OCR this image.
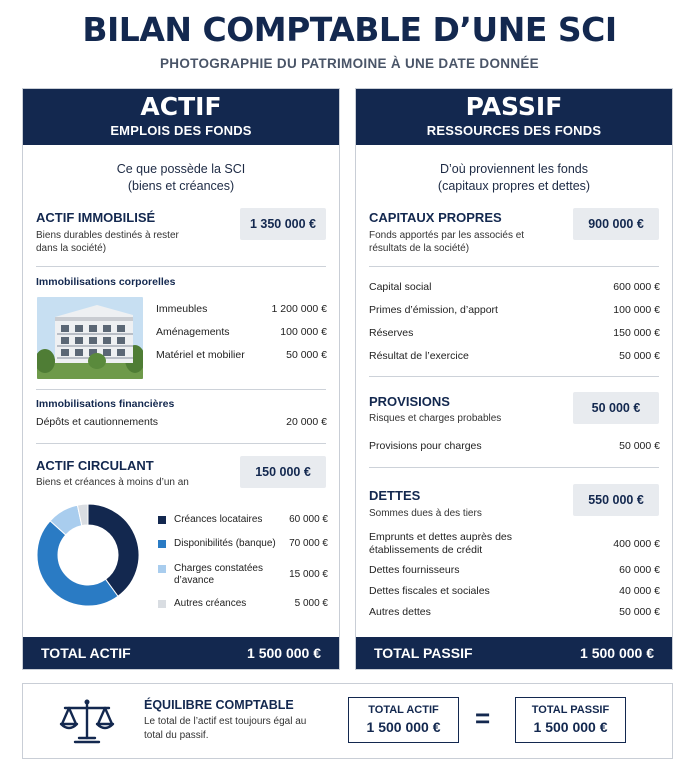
BILAN COMPTABLE D’UNE SCI
PHOTOGRAPHIE DU PATRIMOINE À UNE DATE DONNÉE
ACTIF
EMPLOIS DES FONDS
Ce que possède la SCI
(biens et créances)
ACTIF IMMOBILISÉ
Biens durables destinés à rester dans la société)
1 350 000 €
Immobilisations corporelles
Immeubles	1 200 000 €
Aménagements	100 000 €
Matériel et mobilier	50 000 €
Immobilisations financières
Dépôts et cautionnements	20 000 €
ACTIF CIRCULANT
Biens et créances à moins d’un an
150 000 €
Créances locataires	60 000 €
Disponibilités (banque) 70 000 €
Charges constatées d’avance
15 000 €
Autres créances	5 000 €
TOTAL ACTIF	1 500 000 €
PASSIF
RESSOURCES DES FONDS
D’où proviennent les fonds
(capitaux propres et dettes)
CAPITAUX PROPRES
Fonds apportés par les associés et résultats de la société)
900 000 €
Capital social	600 000 €
Primes d’émission, d’apport	100 000 €
Réserves	150 000 €
Résultat de l’exercice	50 000 €
PROVISIONS
Risques et charges probables
50 000 €
Provisions pour charges	50 000 €
DETTES
Sommes dues à des tiers
550 000 €
Emprunts et dettes auprès des établissements de crédit	400 000 €
Dettes fournisseurs	60 000 €
Dettes fiscales et sociales	40 000 €
Autres dettes	50 000 €
TOTAL PASSIF	1 500 000 €
ÉQUILIBRE COMPTABLE
Le total de l’actif est toujours égal au total du passif.
TOTAL ACTIF
1 500 000 €	=	TOTAL PASSIF
1 500 000 €
